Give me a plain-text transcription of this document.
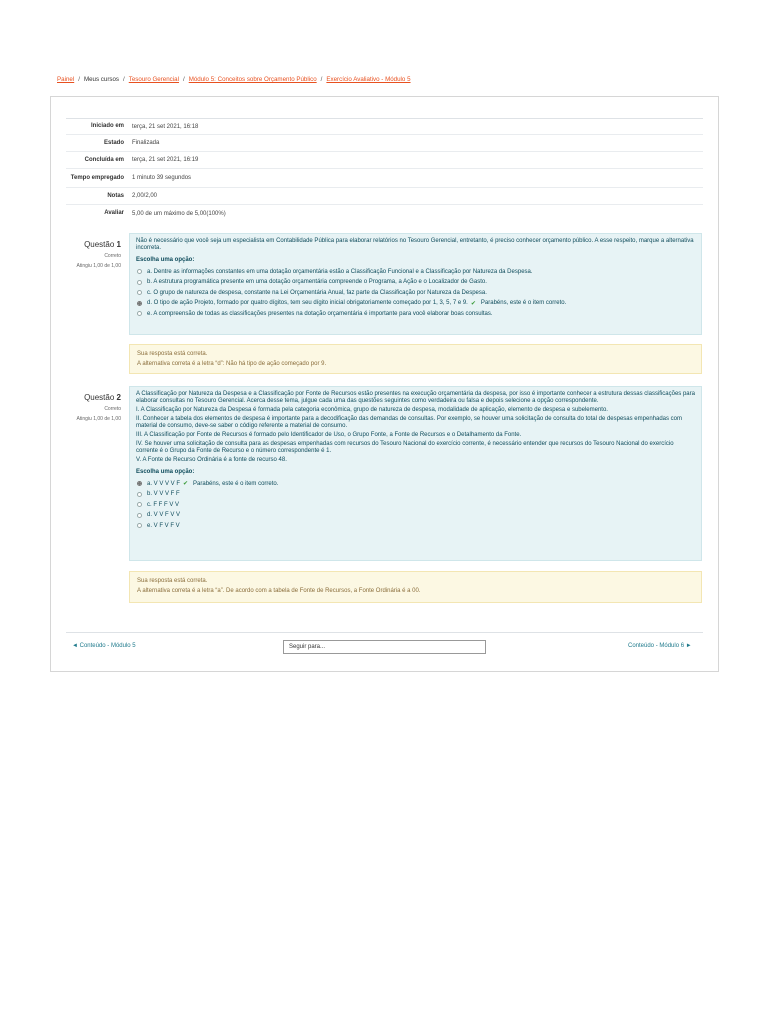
Painel / Meus cursos / Tesouro Gerencial / Módulo 5: Conceitos sobre Orçamento Público / Exercício Avaliativo - Módulo 5
Iniciado em	terça, 21 set 2021, 16:18
Estado	Finalizada
Concluída em	terça, 21 set 2021, 16:19
Tempo empregado	1 minuto 39 segundos
Notas	2,00/2,00
Avaliar	5,00 de um máximo de 5,00(100%)
Questão 1
Correto
Atingiu 1,00 de 1,00
Não é necessário que você seja um especialista em Contabilidade Pública para elaborar relatórios no Tesouro Gerencial, entretanto, é preciso conhecer orçamento público. A esse respeito, marque a alternativa incorreta.
Escolha uma opção:
a. Dentre as informações constantes em uma dotação orçamentária estão a Classificação Funcional e a Classificação por Natureza da Despesa.
b. A estrutura programática presente em uma dotação orçamentária compreende o Programa, a Ação e o Localizador de Gasto.
c. O grupo de natureza de despesa, constante na Lei Orçamentária Anual, faz parte da Classificação por Natureza da Despesa.
d. O tipo de ação Projeto, formado por quatro dígitos, tem seu dígito inicial obrigatoriamente começado por 1, 3, 5, 7 e 9. ✔ Parabéns, este é o item correto.
e. A compreensão de todas as classificações presentes na dotação orçamentária é importante para você elaborar boas consultas.
Sua resposta está correta.
A alternativa correta é a letra “d”: Não há tipo de ação começado por 9.
Questão 2
Correto
Atingiu 1,00 de 1,00
A Classificação por Natureza da Despesa e a Classificação por Fonte de Recursos estão presentes na execução orçamentária da despesa, por isso é importante conhecer a estrutura dessas classificações para elaborar consultas no Tesouro Gerencial. Acerca desse tema, julgue cada uma das questões seguintes como verdadeira ou falsa e depois selecione a opção correspondente.
I. A Classificação por Natureza da Despesa é formada pela categoria econômica, grupo de natureza de despesa, modalidade de aplicação, elemento de despesa e subelemento.
II. Conhecer a tabela dos elementos de despesa é importante para a decodificação das demandas de consultas. Por exemplo, se houver uma solicitação de consulta do total de despesas empenhadas com material de consumo, deve-se saber o código referente a material de consumo.
III. A Classificação por Fonte de Recursos é formado pelo Identificador de Uso, o Grupo Fonte, a Fonte de Recursos e o Detalhamento da Fonte.
IV. Se houver uma solicitação de consulta para as despesas empenhadas com recursos do Tesouro Nacional do exercício corrente, é necessário entender que recursos do Tesouro Nacional do exercício corrente é o Grupo da Fonte de Recurso e o número correspondente é 1.
V. A Fonte de Recurso Ordinária é a fonte de recurso 48.
Escolha uma opção:
a. V V V V F ✔ Parabéns, este é o item correto.
b. V V V F F
c. F F F V V
d. V V F V V
e. V F V F V
Sua resposta está correta.
A alternativa correta é a letra “a”. De acordo com a tabela de Fonte de Recursos, a Fonte Ordinária é a 00.
◄ Conteúdo - Módulo 5	Seguir para...	Conteúdo - Módulo 6 ►
